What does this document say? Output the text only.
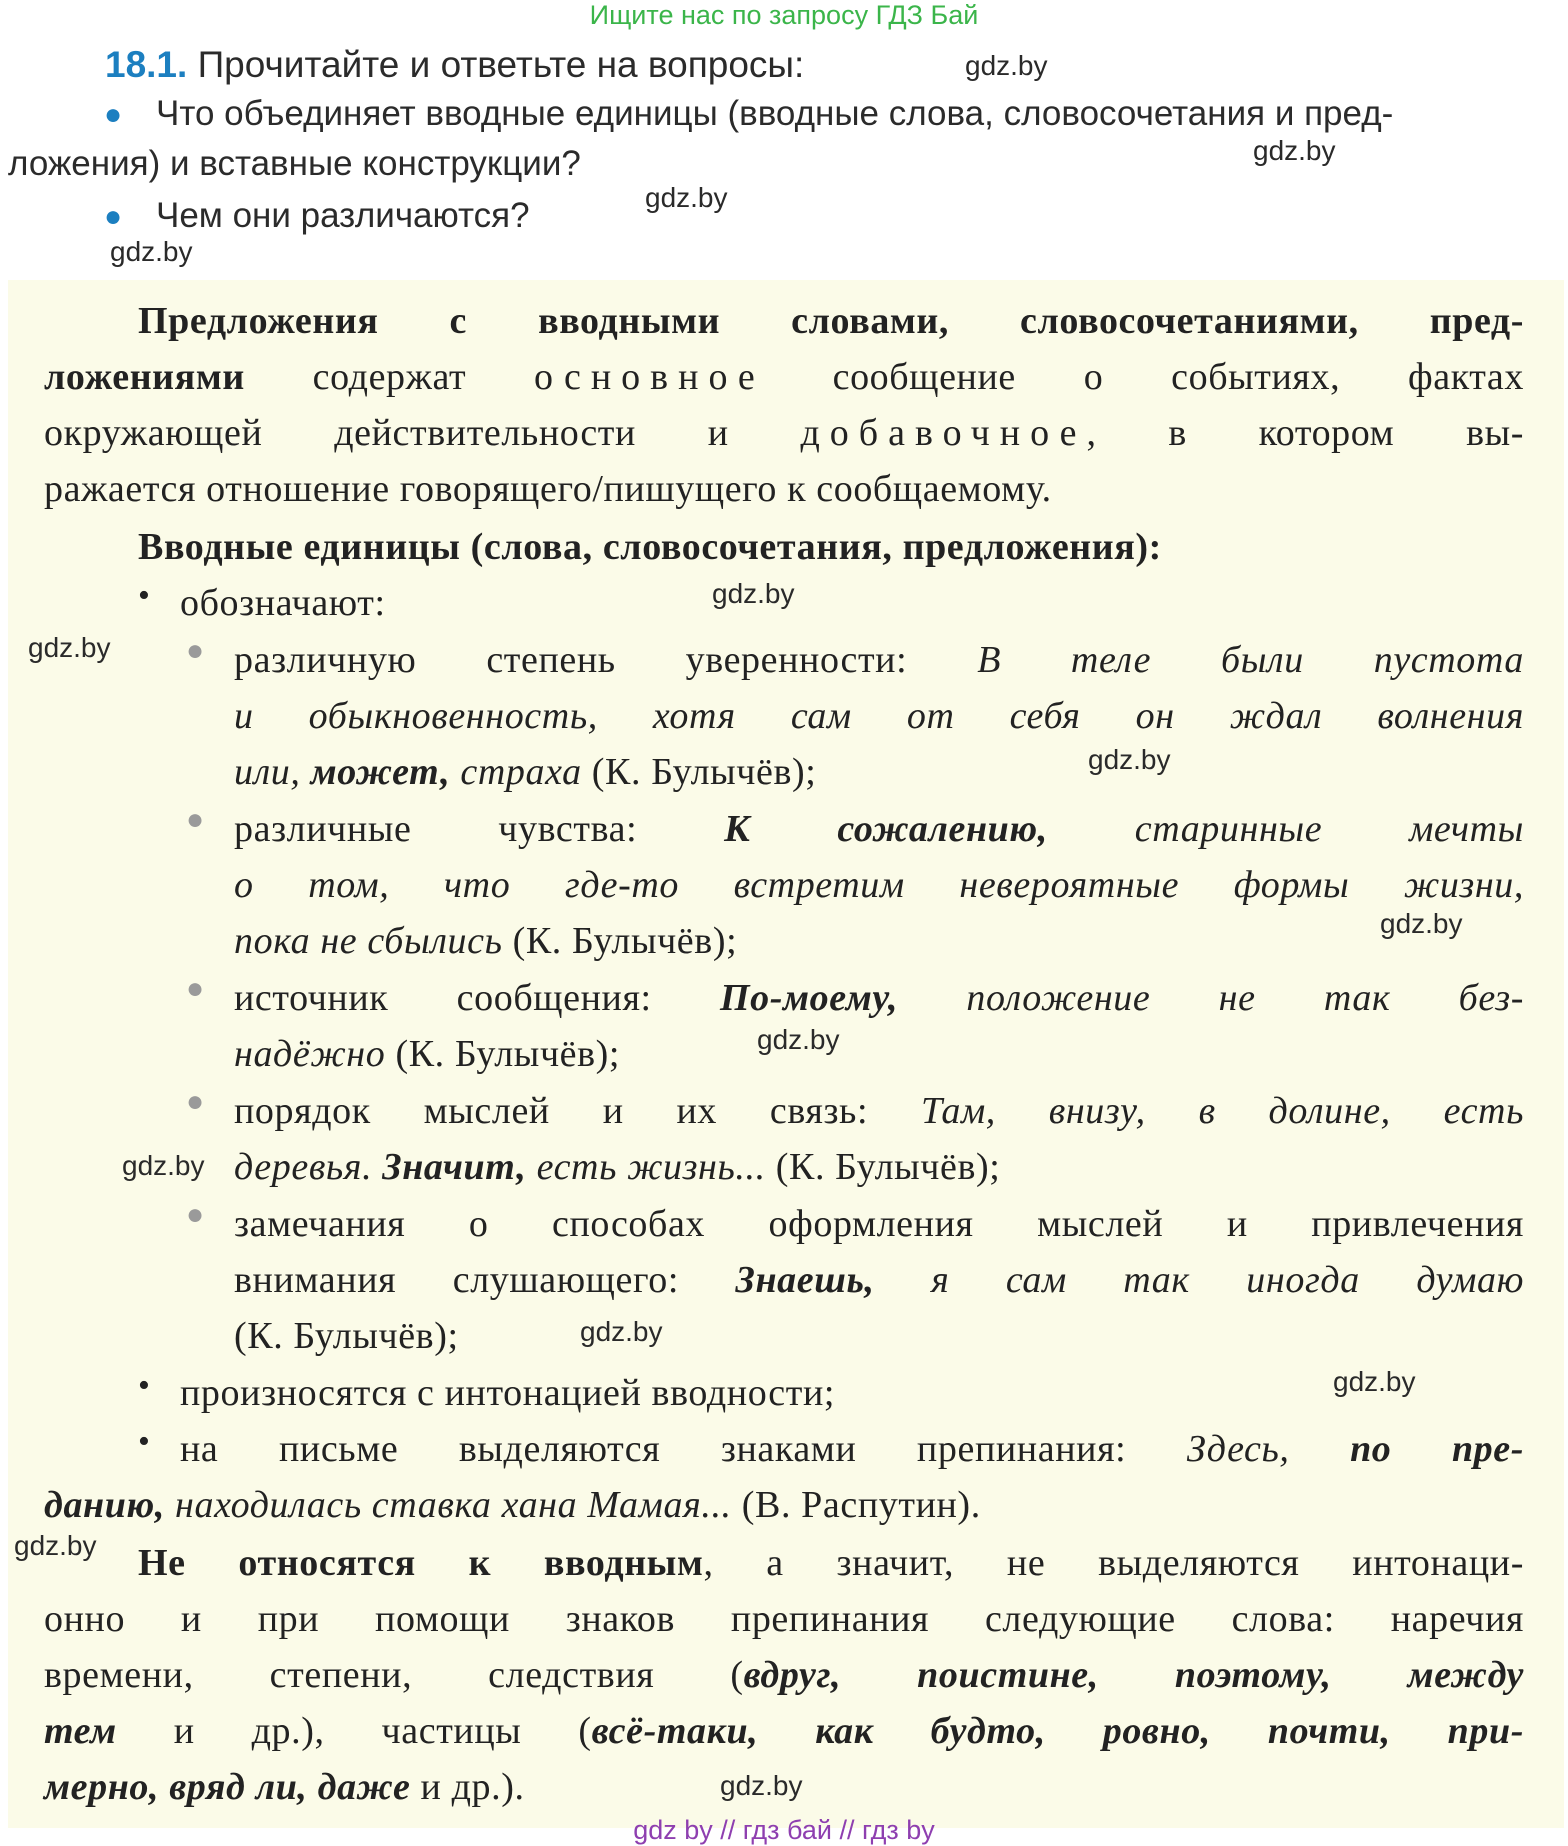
Ищите нас по запросу ГДЗ Бай
18.1. Прочитайте и ответьте на вопросы:
● Что объединяет вводные единицы (вводные слова, словосочетания и пред-
ложения) и вставные конструкции?
● Чем они различаются?
gdz.by
gdz.by
gdz.by
gdz.by
Предложения с вводными словами, словосочетаниями, пред-
ложениями содержат основное сообщение о событиях, фактах
окружающей действительности и добавочное, в котором вы-
ражается отношение говорящего/пишущего к сообщаемому.
Вводные единицы (слова, словосочетания, предложения):
• обозначают:
● различную степень уверенности: В теле были пустота
и обыкновенность, хотя сам от себя он ждал волнения
или, может, страха (К. Булычёв);
● различные чувства: К сожалению, старинные мечты
о том, что где-то встретим невероятные формы жизни,
пока не сбылись (К. Булычёв);
● источник сообщения: По-моему, положение не так без-
надёжно (К. Булычёв);
● порядок мыслей и их связь: Там, внизу, в долине, есть
деревья. Значит, есть жизнь... (К. Булычёв);
● замечания о способах оформления мыслей и привлечения
внимания слушающего: Знаешь, я сам так иногда думаю
(К. Булычёв);
• произносятся с интонацией вводности;
• на письме выделяются знаками препинания: Здесь, по пре-
данию, находилась ставка хана Мамая... (В. Распутин).
Не относятся к вводным, а значит, не выделяются интонаци-
онно и при помощи знаков препинания следующие слова: наречия
времени, степени, следствия (вдруг, поистине, поэтому, между
тем и др.), частицы (всё-таки, как будто, ровно, почти, при-
мерно, вряд ли, даже и др.).
gdz.by
gdz.by
gdz.by
gdz.by
gdz.by
gdz.by
gdz.by
gdz.by
gdz.by
gdz.by
gdz by // гдз бай // гдз by
